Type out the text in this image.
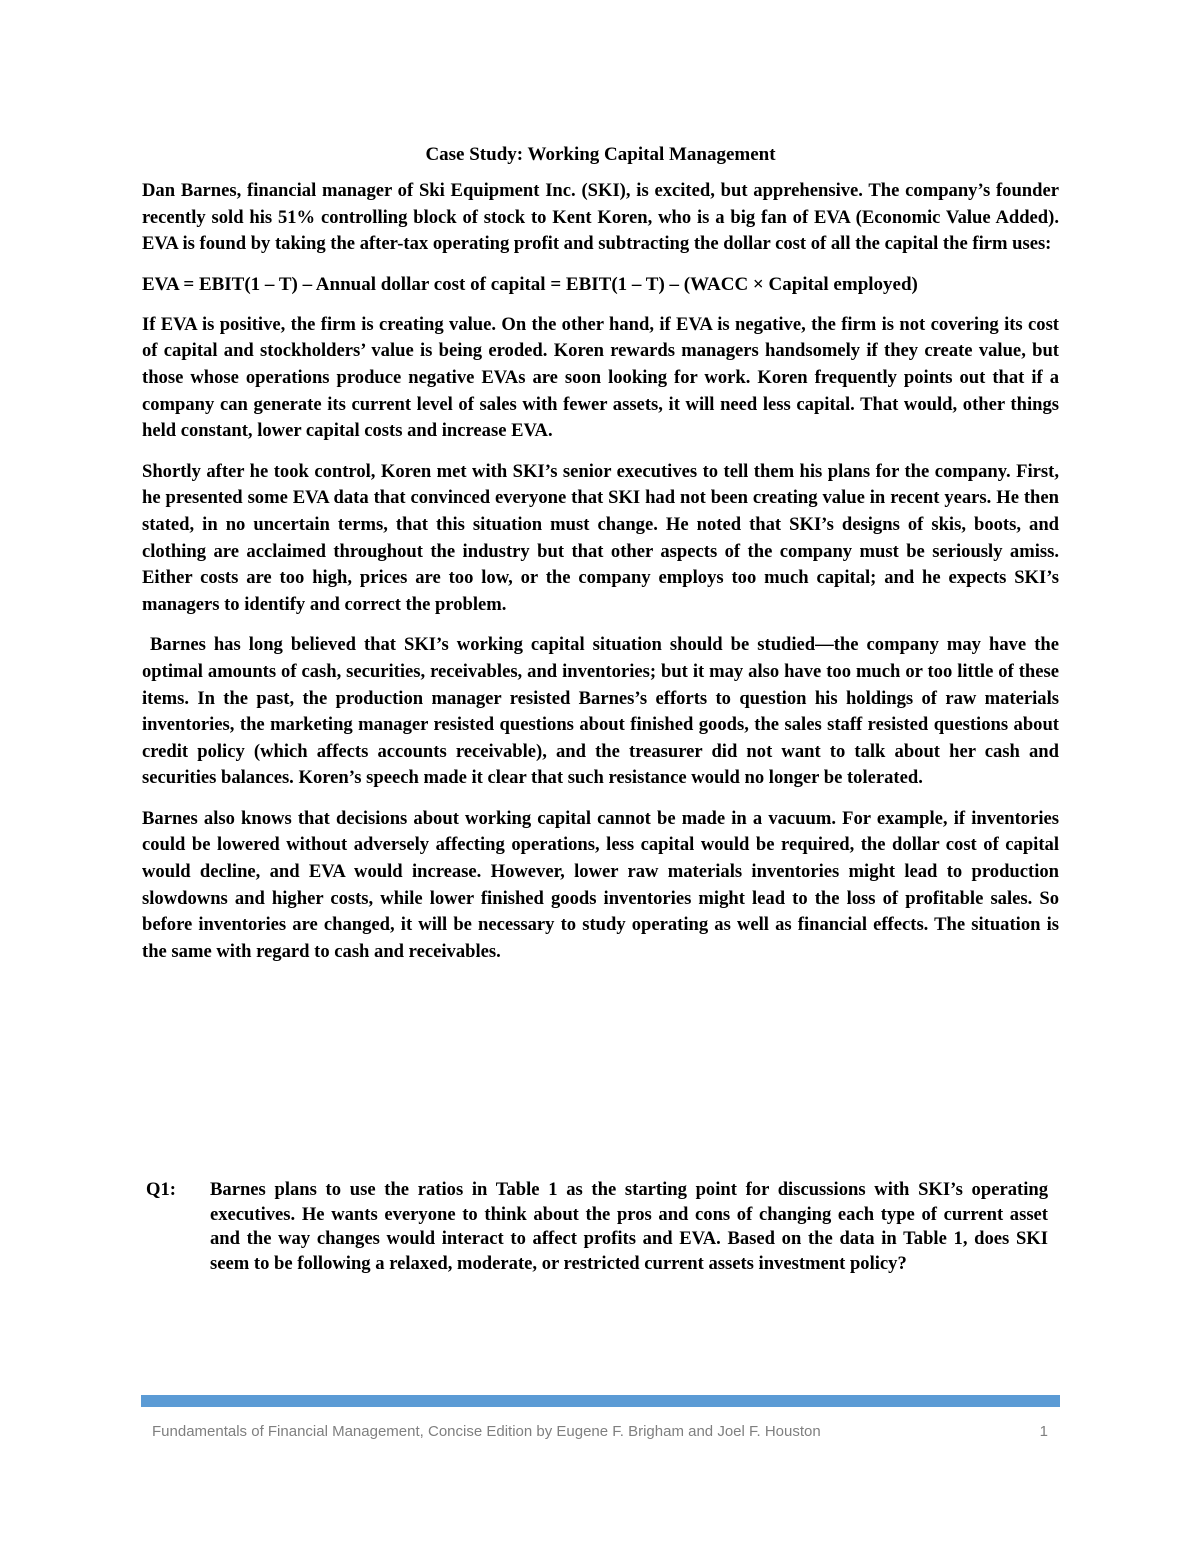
Case Study: Working Capital Management

Dan Barnes, financial manager of Ski Equipment Inc. (SKI), is excited, but apprehensive. The company’s founder recently sold his 51% controlling block of stock to Kent Koren, who is a big fan of EVA (Economic Value Added). EVA is found by taking the after-tax operating profit and subtracting the dollar cost of all the capital the firm uses:

EVA = EBIT(1 – T) – Annual dollar cost of capital = EBIT(1 – T) – (WACC × Capital employed)

If EVA is positive, the firm is creating value. On the other hand, if EVA is negative, the firm is not covering its cost of capital and stockholders’ value is being eroded. Koren rewards managers handsomely if they create value, but those whose operations produce negative EVAs are soon looking for work. Koren frequently points out that if a company can generate its current level of sales with fewer assets, it will need less capital. That would, other things held constant, lower capital costs and increase EVA.

Shortly after he took control, Koren met with SKI’s senior executives to tell them his plans for the company. First, he presented some EVA data that convinced everyone that SKI had not been creating value in recent years. He then stated, in no uncertain terms, that this situation must change. He noted that SKI’s designs of skis, boots, and clothing are acclaimed throughout the industry but that other aspects of the company must be seriously amiss. Either costs are too high, prices are too low, or the company employs too much capital; and he expects SKI’s managers to identify and correct the problem.

Barnes has long believed that SKI’s working capital situation should be studied—the company may have the optimal amounts of cash, securities, receivables, and inventories; but it may also have too much or too little of these items. In the past, the production manager resisted Barnes’s efforts to question his holdings of raw materials inventories, the marketing manager resisted questions about finished goods, the sales staff resisted questions about credit policy (which affects accounts receivable), and the treasurer did not want to talk about her cash and securities balances. Koren’s speech made it clear that such resistance would no longer be tolerated.

Barnes also knows that decisions about working capital cannot be made in a vacuum. For example, if inventories could be lowered without adversely affecting operations, less capital would be required, the dollar cost of capital would decline, and EVA would increase. However, lower raw materials inventories might lead to production slowdowns and higher costs, while lower finished goods inventories might lead to the loss of profitable sales. So before inventories are changed, it will be necessary to study operating as well as financial effects. The situation is the same with regard to cash and receivables.

Q1:	Barnes plans to use the ratios in Table 1 as the starting point for discussions with SKI’s operating executives. He wants everyone to think about the pros and cons of changing each type of current asset and the way changes would interact to affect profits and EVA. Based on the data in Table 1, does SKI seem to be following a relaxed, moderate, or restricted current assets investment policy?
Fundamentals of Financial Management, Concise Edition by Eugene F. Brigham and Joel F. Houston	1
